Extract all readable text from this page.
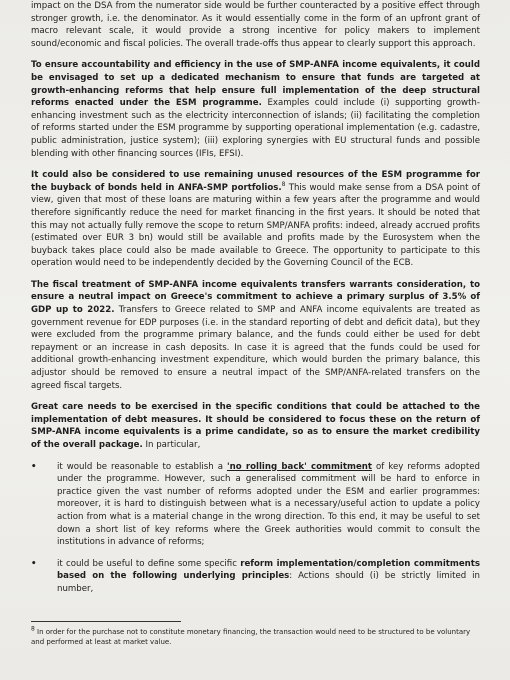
impact on the DSA from the numerator side would be further counteracted by a positive effect through stronger growth, i.e. the denominator. As it would essentially come in the form of an upfront grant of macro relevant scale, it would provide a strong incentive for policy makers to implement sound/economic and fiscal policies. The overall trade-offs thus appear to clearly support this approach.

To ensure accountability and efficiency in the use of SMP-ANFA income equivalents, it could be envisaged to set up a dedicated mechanism to ensure that funds are targeted at growth-enhancing reforms that help ensure full implementation of the deep structural reforms enacted under the ESM programme. Examples could include (i) supporting growth-enhancing investment such as the electricity interconnection of islands; (ii) facilitating the completion of reforms started under the ESM programme by supporting operational implementation (e.g. cadastre, public administration, justice system); (iii) exploring synergies with EU structural funds and possible blending with other financing sources (IFIs, EFSI).

It could also be considered to use remaining unused resources of the ESM programme for the buyback of bonds held in ANFA-SMP portfolios.$^8$ This would make sense from a DSA point of view, given that most of these loans are maturing within a few years after the programme and would therefore significantly reduce the need for market financing in the first years. It should be noted that this may not actually fully remove the scope to return SMP/ANFA profits: indeed, already accrued profits (estimated over EUR 3 bn) would still be available and profits made by the Eurosystem when the buyback takes place could also be made available to Greece. The opportunity to participate to this operation would need to be independently decided by the Governing Council of the ECB.

The fiscal treatment of SMP-ANFA income equivalents transfers warrants consideration, to ensure a neutral impact on Greece's commitment to achieve a primary surplus of 3.5% of GDP up to 2022. Transfers to Greece related to SMP and ANFA income equivalents are treated as government revenue for EDP purposes (i.e. in the standard reporting of debt and deficit data), but they were excluded from the programme primary balance, and the funds could either be used for debt repayment or an increase in cash deposits. In case it is agreed that the funds could be used for additional growth-enhancing investment expenditure, which would burden the primary balance, this adjustor should be removed to ensure a neutral impact of the SMP/ANFA-related transfers on the agreed fiscal targets.

Great care needs to be exercised in the specific conditions that could be attached to the implementation of debt measures. It should be considered to focus these on the return of SMP-ANFA income equivalents is a prime candidate, so as to ensure the market credibility of the overall package. In particular,

• it would be reasonable to establish a 'no rolling back' commitment of key reforms adopted under the programme. However, such a generalised commitment will be hard to enforce in practice given the vast number of reforms adopted under the ESM and earlier programmes: moreover, it is hard to distinguish between what is a necessary/useful action to update a policy action from what is a material change in the wrong direction. To this end, it may be useful to set down a short list of key reforms where the Greek authorities would commit to consult the institutions in advance of reforms;
• it could be useful to define some specific reform implementation/completion commitments based on the following underlying principles: Actions should (i) be strictly limited in number,
$^8$ In order for the purchase not to constitute monetary financing, the transaction would need to be structured to be voluntary and performed at least at market value.
